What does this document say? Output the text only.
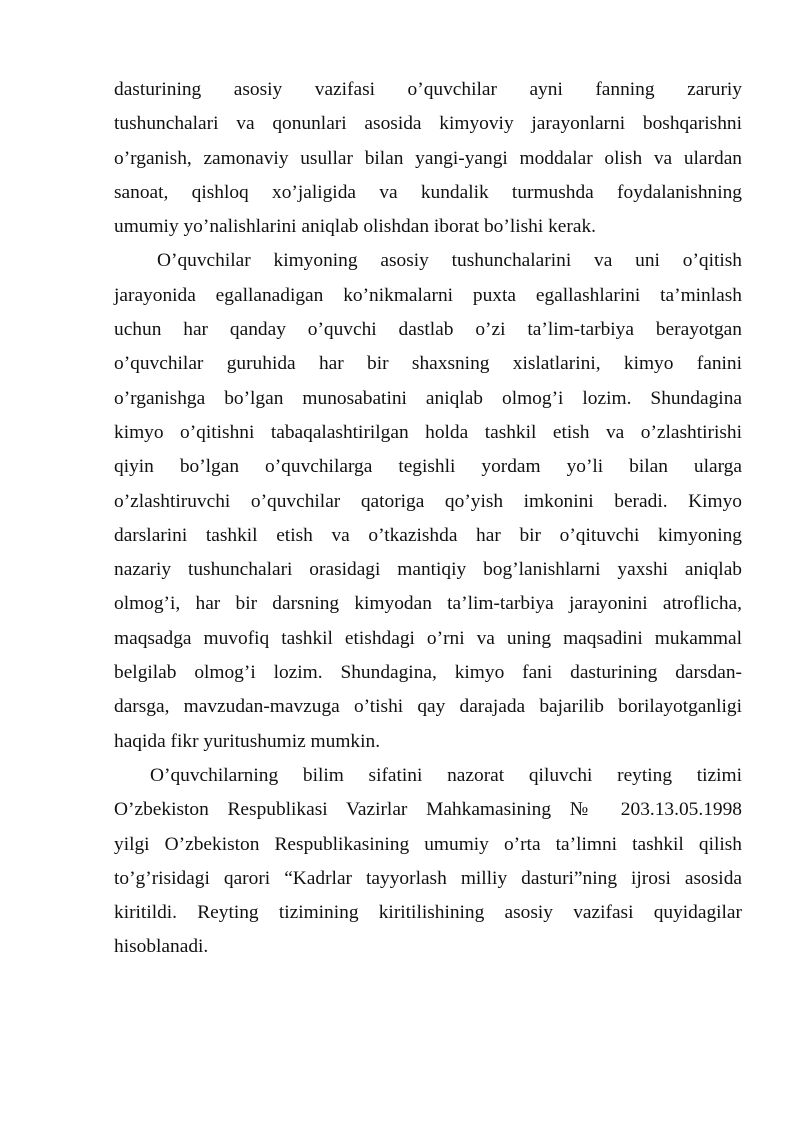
dasturining asosiy vazifasi o’quvchilar ayni fanning zaruriy
tushunchalari va qonunlari asosida kimyoviy jarayonlarni boshqarishni
o’rganish, zamonaviy usullar bilan yangi-yangi moddalar olish va ulardan
sanoat, qishloq xo’jaligida va kundalik turmushda foydalanishning
umumiy yo’nalishlarini aniqlab olishdan iborat bo’lishi kerak.
O’quvchilar kimyoning asosiy tushunchalarini va uni o’qitish
jarayonida egallanadigan ko’nikmalarni puxta egallashlarini ta’minlash
uchun har qanday o’quvchi dastlab o’zi ta’lim-tarbiya berayotgan
o’quvchilar guruhida har bir shaxsning xislatlarini, kimyo fanini
o’rganishga bo’lgan munosabatini aniqlab olmog’i lozim. Shundagina
kimyo o’qitishni tabaqalashtirilgan holda tashkil etish va o’zlashtirishi
qiyin bo’lgan o’quvchilarga tegishli yordam yo’li bilan ularga
o’zlashtiruvchi o’quvchilar qatoriga qo’yish imkonini beradi. Kimyo
darslarini tashkil etish va o’tkazishda har bir o’qituvchi kimyoning
nazariy tushunchalari orasidagi mantiqiy bog’lanishlarni yaxshi aniqlab
olmog’i, har bir darsning kimyodan ta’lim-tarbiya jarayonini atroflicha,
maqsadga muvofiq tashkil etishdagi o’rni va uning maqsadini mukammal
belgilab olmog’i lozim. Shundagina, kimyo fani dasturining darsdan-
darsga, mavzudan-mavzuga o’tishi qay darajada bajarilib borilayotganligi
haqida fikr yuritushumiz mumkin.
O’quvchilarning bilim sifatini nazorat qiluvchi reyting tizimi
O’zbekiston Respublikasi Vazirlar Mahkamasining № 203.13.05.1998
yilgi O’zbekiston Respublikasining umumiy o’rta ta’limni tashkil qilish
to’g’risidagi qarori “Kadrlar tayyorlash milliy dasturi”ning ijrosi asosida
kiritildi. Reyting tizimining kiritilishining asosiy vazifasi quyidagilar
hisoblanadi.
